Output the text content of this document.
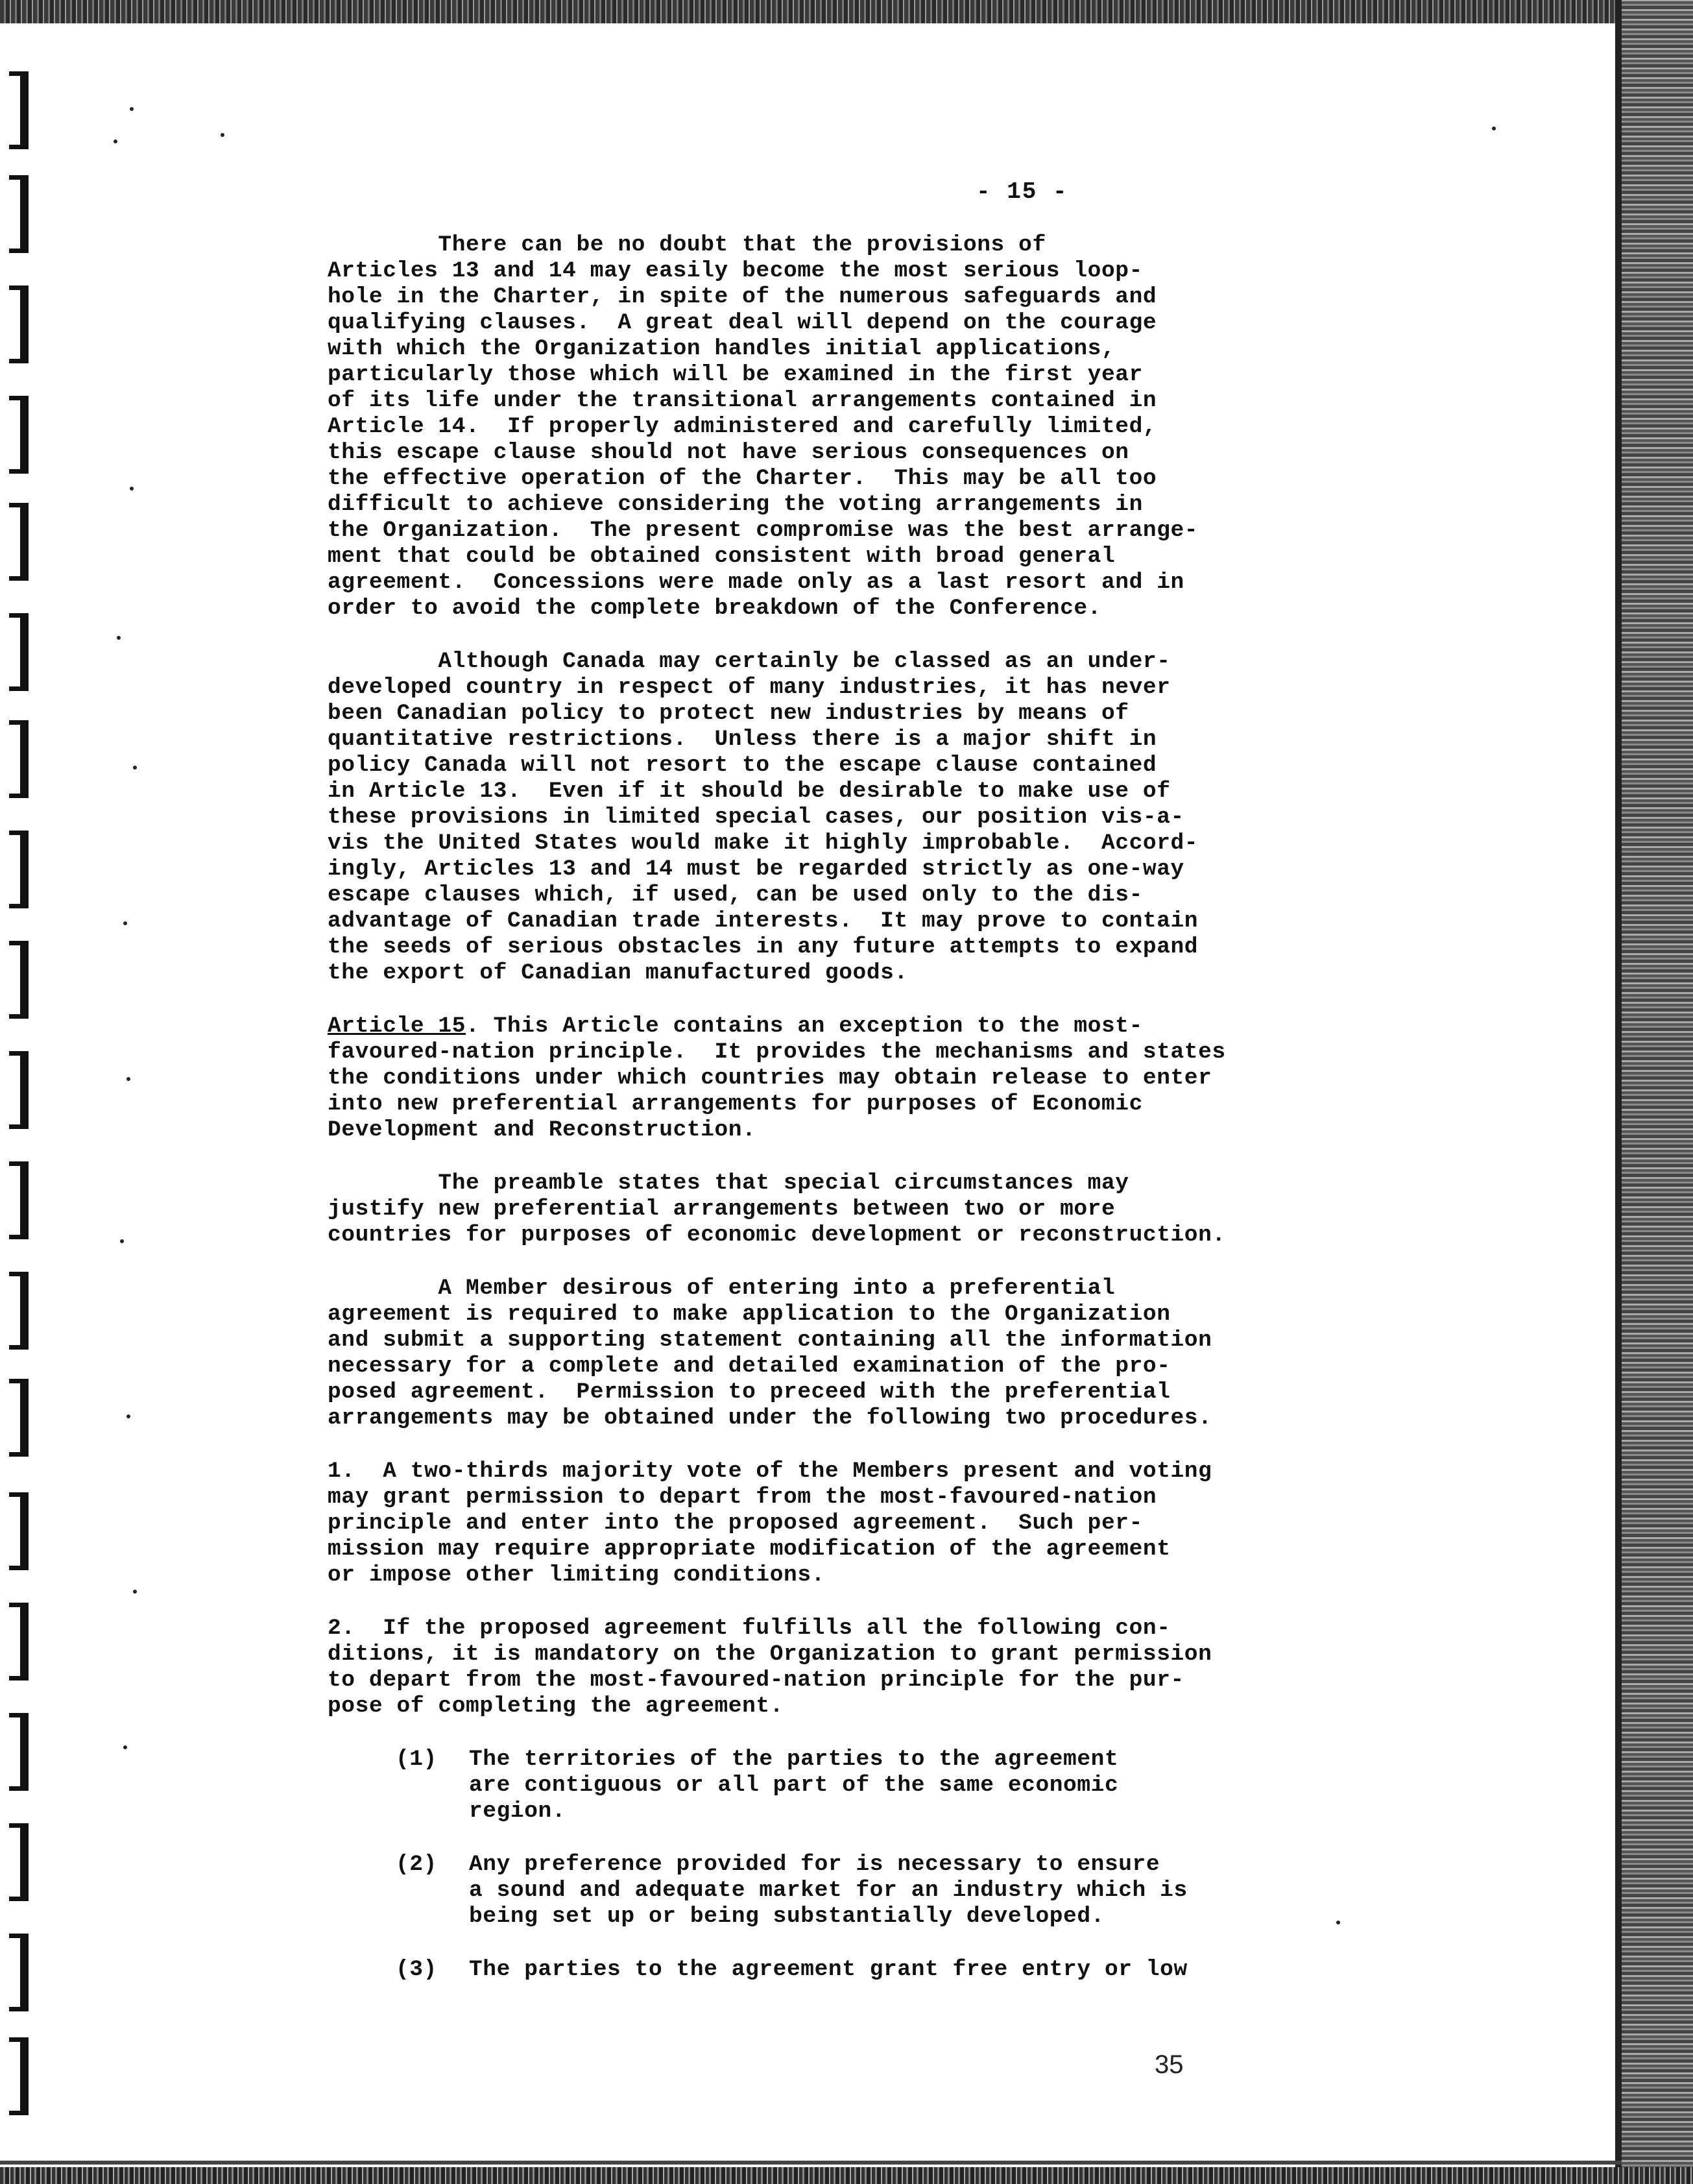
- 15 -
There can be no doubt that the provisions of
Articles 13 and 14 may easily become the most serious loop-
hole in the Charter, in spite of the numerous safeguards and
qualifying clauses.  A great deal will depend on the courage
with which the Organization handles initial applications,
particularly those which will be examined in the first year
of its life under the transitional arrangements contained in
Article 14.  If properly administered and carefully limited,
this escape clause should not have serious consequences on
the effective operation of the Charter.  This may be all too
difficult to achieve considering the voting arrangements in
the Organization.  The present compromise was the best arrange-
ment that could be obtained consistent with broad general
agreement.  Concessions were made only as a last resort and in
order to avoid the complete breakdown of the Conference.
Although Canada may certainly be classed as an under-
developed country in respect of many industries, it has never
been Canadian policy to protect new industries by means of
quantitative restrictions.  Unless there is a major shift in
policy Canada will not resort to the escape clause contained
in Article 13.  Even if it should be desirable to make use of
these provisions in limited special cases, our position vis-a-
vis the United States would make it highly improbable.  Accord-
ingly, Articles 13 and 14 must be regarded strictly as one-way
escape clauses which, if used, can be used only to the dis-
advantage of Canadian trade interests.  It may prove to contain
the seeds of serious obstacles in any future attempts to expand
the export of Canadian manufactured goods.
Article 15. This Article contains an exception to the most-
favoured-nation principle.  It provides the mechanisms and states
the conditions under which countries may obtain release to enter
into new preferential arrangements for purposes of Economic
Development and Reconstruction.
The preamble states that special circumstances may
justify new preferential arrangements between two or more
countries for purposes of economic development or reconstruction.
A Member desirous of entering into a preferential
agreement is required to make application to the Organization
and submit a supporting statement containing all the information
necessary for a complete and detailed examination of the pro-
posed agreement.  Permission to preceed with the preferential
arrangements may be obtained under the following two procedures.
1.  A two-thirds majority vote of the Members present and voting
may grant permission to depart from the most-favoured-nation
principle and enter into the proposed agreement.  Such per-
mission may require appropriate modification of the agreement
or impose other limiting conditions.
2.  If the proposed agreement fulfills all the following con-
ditions, it is mandatory on the Organization to grant permission
to depart from the most-favoured-nation principle for the pur-
pose of completing the agreement.
(1)	The territories of the parties to the agreement
are contiguous or all part of the same economic
region.
(2)	Any preference provided for is necessary to ensure
a sound and adequate market for an industry which is
being set up or being substantially developed.
(3)	The parties to the agreement grant free entry or low
35
